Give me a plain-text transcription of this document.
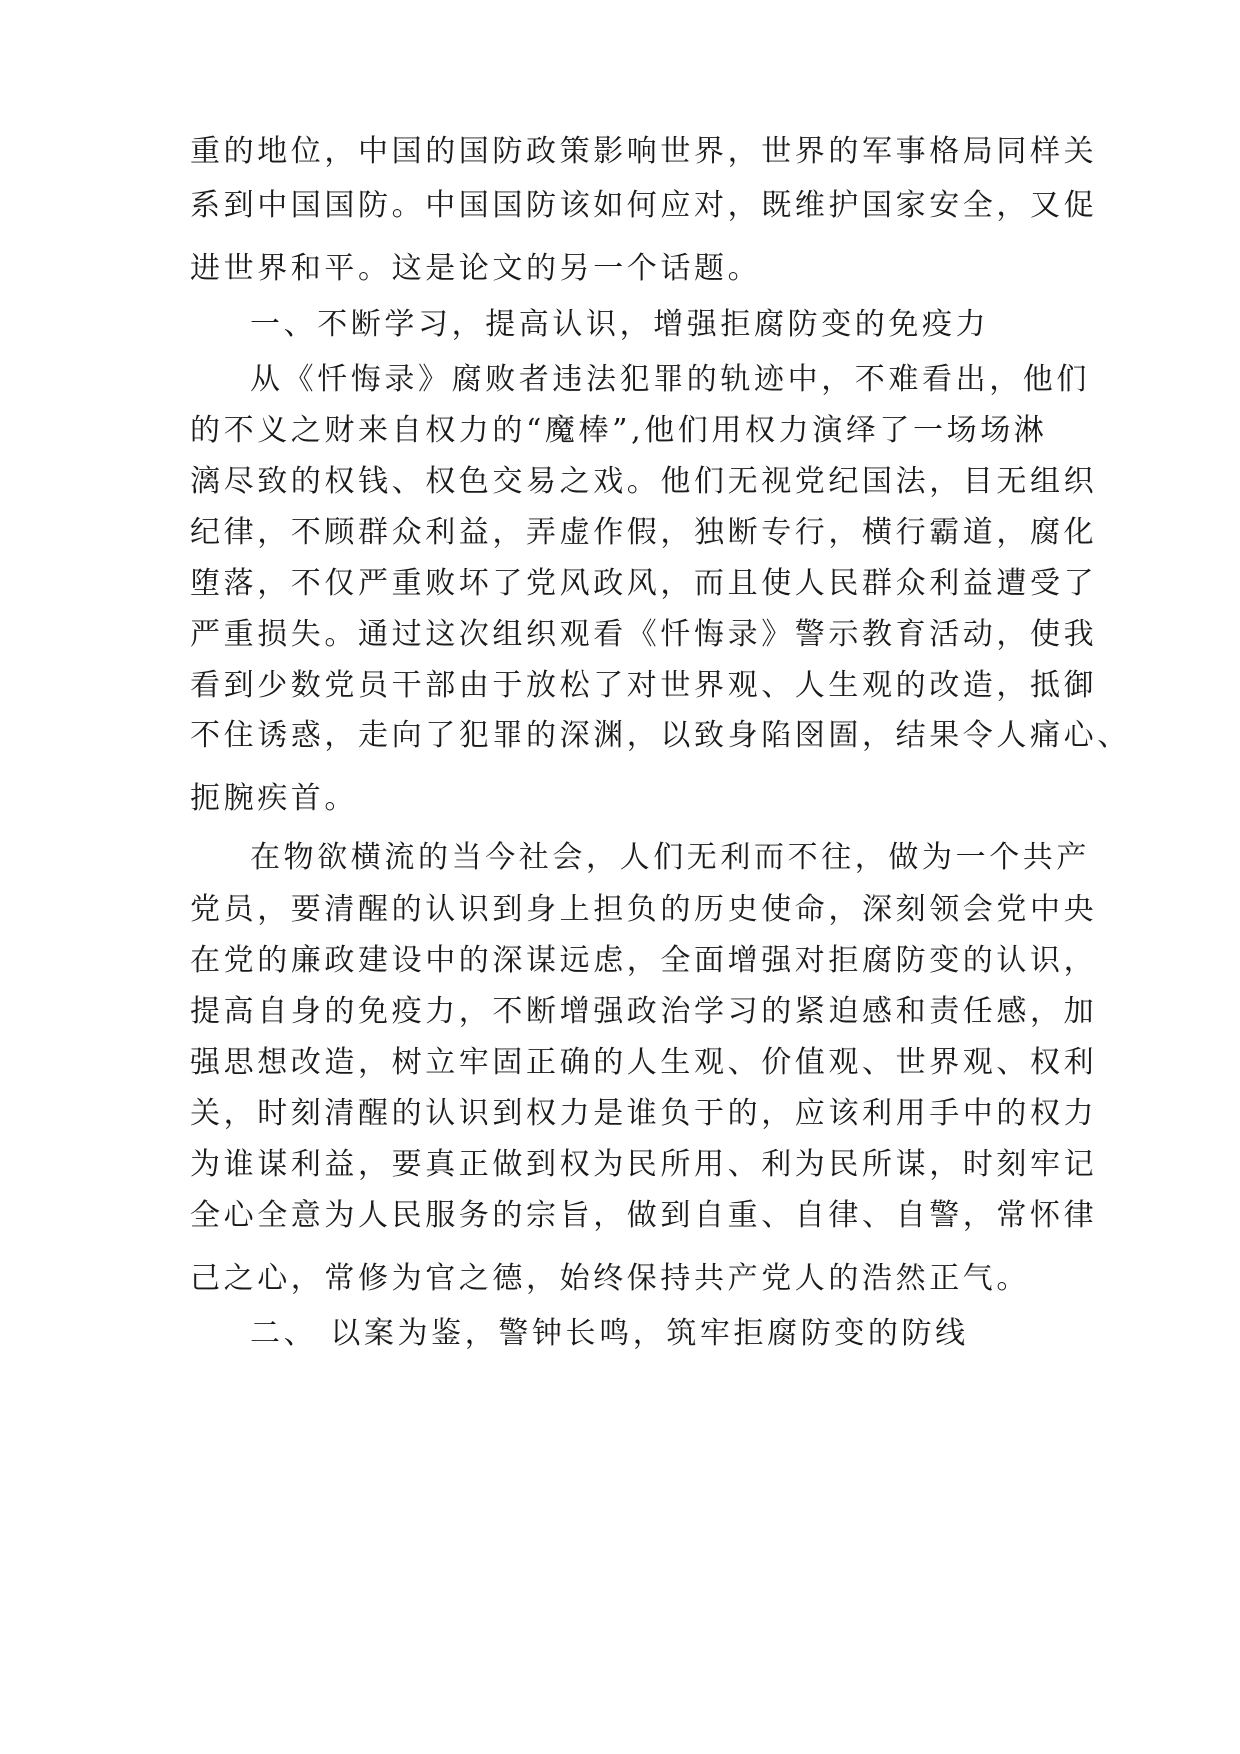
重的地位，中国的国防政策影响世界，世界的军事格局同样关
系到中国国防。中国国防该如何应对，既维护国家安全，又促
进世界和平。这是论文的另一个话题。
一、不断学习，提高认识，增强拒腐防变的免疫力
从《忏悔录》腐败者违法犯罪的轨迹中，不难看出，他们
的不义之财来自权力的“魔棒”,他们用权力演绎了一场场淋
漓尽致的权钱、权色交易之戏。他们无视党纪国法，目无组织
纪律，不顾群众利益，弄虚作假，独断专行，横行霸道，腐化
堕落，不仅严重败坏了党风政风，而且使人民群众利益遭受了
严重损失。通过这次组织观看《忏悔录》警示教育活动，使我
看到少数党员干部由于放松了对世界观、人生观的改造，抵御
不住诱惑，走向了犯罪的深渊，以致身陷囹圄，结果令人痛心、
扼腕疾首。
在物欲横流的当今社会，人们无利而不往，做为一个共产
党员，要清醒的认识到身上担负的历史使命，深刻领会党中央
在党的廉政建设中的深谋远虑，全面增强对拒腐防变的认识，
提高自身的免疫力，不断增强政治学习的紧迫感和责任感，加
强思想改造，树立牢固正确的人生观、价值观、世界观、权利
关，时刻清醒的认识到权力是谁负于的，应该利用手中的权力
为谁谋利益，要真正做到权为民所用、利为民所谋，时刻牢记
全心全意为人民服务的宗旨，做到自重、自律、自警，常怀律
己之心，常修为官之德，始终保持共产党人的浩然正气。
二、 以案为鉴，警钟长鸣，筑牢拒腐防变的防线
